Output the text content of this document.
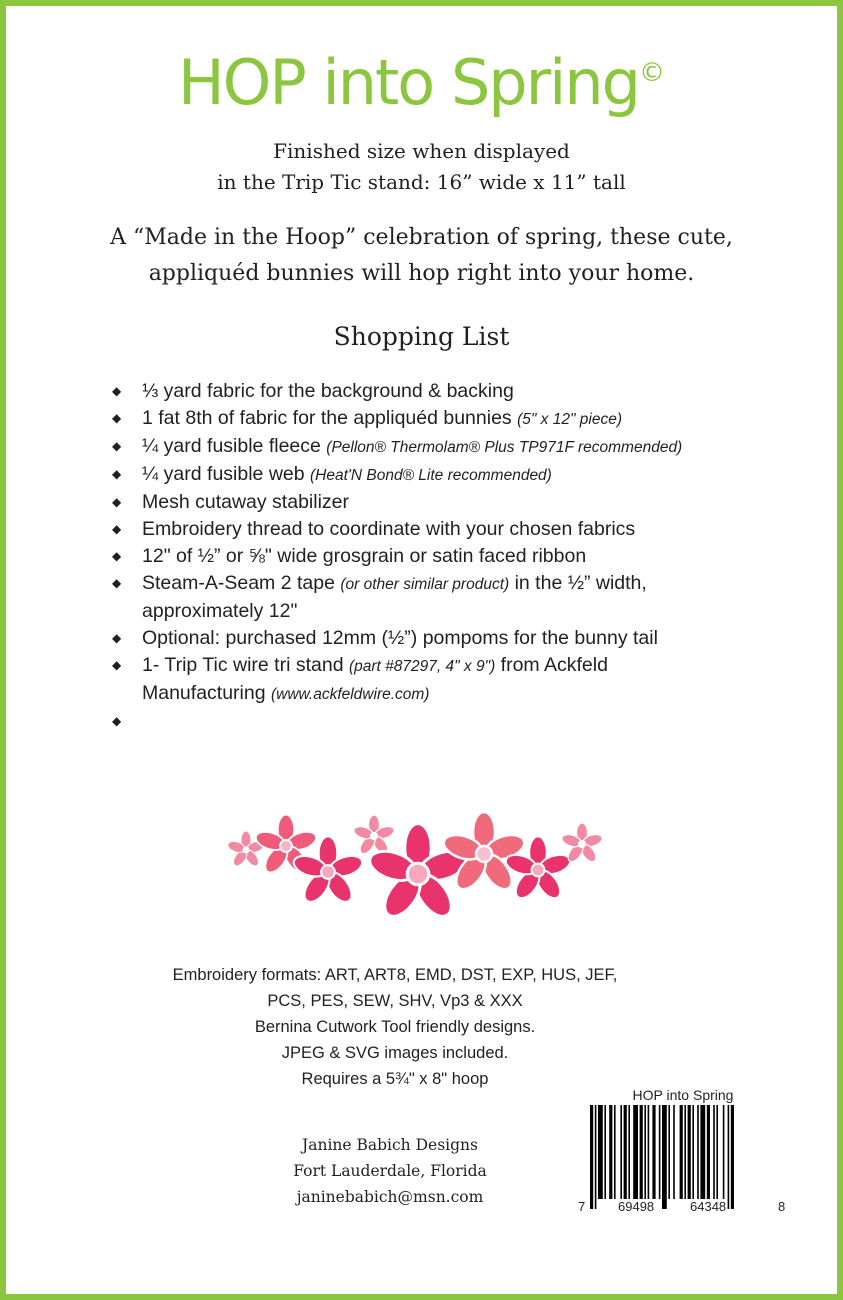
HOP into Spring©
Finished size when displayed
in the Trip Tic stand: 16” wide x 11” tall
A “Made in the Hoop” celebration of spring, these cute,
appliquéd bunnies will hop right into your home.
Shopping List
◆ ⅓ yard fabric for the background & backing
◆ 1 fat 8th of fabric for the appliquéd bunnies (5" x 12" piece)
◆ ¼ yard fusible fleece (Pellon® Thermolam® Plus TP971F recommended)
◆ ¼ yard fusible web (Heat'N Bond® Lite recommended)
◆ Mesh cutaway stabilizer
◆ Embroidery thread to coordinate with your chosen fabrics
◆ 12" of ½” or ⅝" wide grosgrain or satin faced ribbon
◆ Steam-A-Seam 2 tape (or other similar product) in the ½” width, approximately 12"
◆ Optional: purchased 12mm (½”) pompoms for the bunny tail
◆ 1- Trip Tic wire tri stand (part #87297, 4" x 9") from Ackfeld Manufacturing (www.ackfeldwire.com)
◆
Embroidery formats: ART, ART8, EMD, DST, EXP, HUS, JEF,
PCS, PES, SEW, SHV, Vp3 & XXX
Bernina Cutwork Tool friendly designs.
JPEG & SVG images included.
Requires a 5¾" x 8" hoop
Janine Babich Designs
Fort Lauderdale, Florida
janinebabich@msn.com
HOP into Spring
7	69498	64348	8
